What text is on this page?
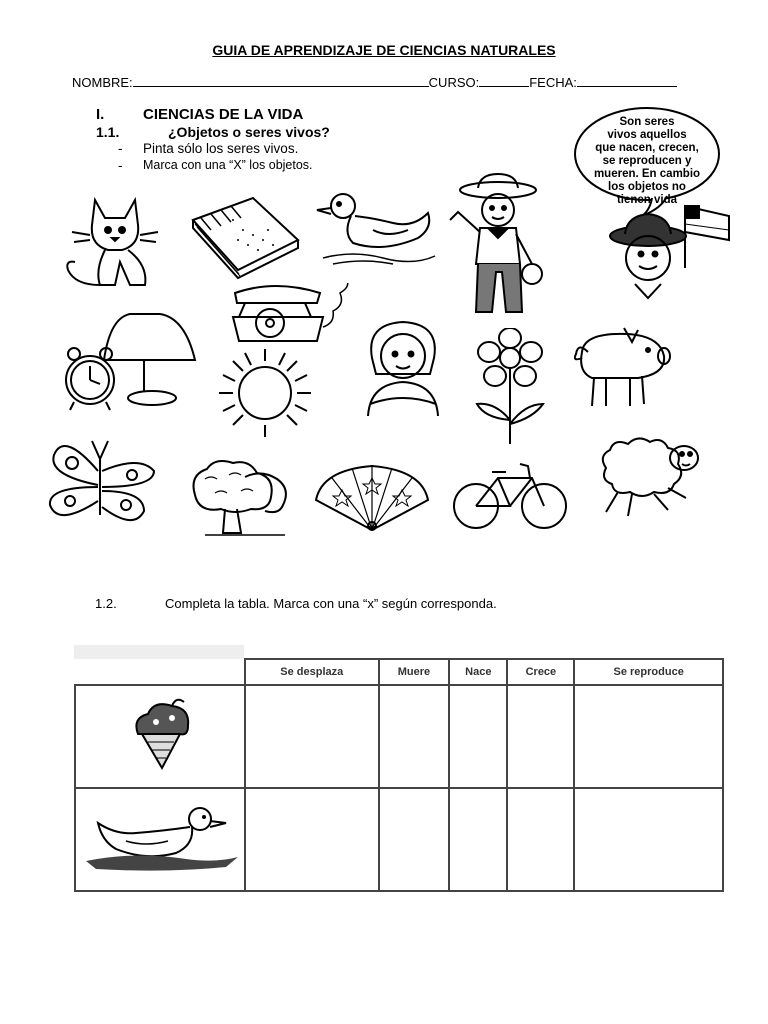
GUIA DE APRENDIZAJE DE CIENCIAS NATURALES
NOMBRE:	CURSO:	FECHA:
I.	CIENCIAS DE LA VIDA
1.1.	¿Objetos o seres vivos?
- Pinta sólo los seres vivos.
- Marca con una “X” los objetos.
Son seres
vivos aquellos
que nacen, crecen,
se reproducen y
mueren. En cambio
los objetos no
tienen vida
1.2.	Completa la tabla. Marca con una “x” según corresponda.
	Se desplaza	Muere	Nace	Crece	Se reproduce
